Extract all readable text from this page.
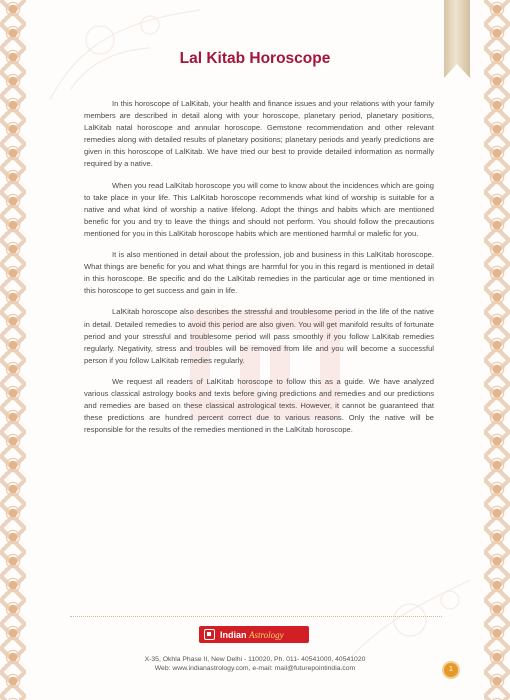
Lal Kitab Horoscope

In this horoscope of LalKitab, your health and finance issues and your relations with your family members are described in detail along with your horoscope, planetary period, planetary positions, LalKitab natal horoscope and annular horoscope. Gemstone recommendation and other relevant remedies along with detailed results of planetary positions; planetary periods and yearly predictions are given in this horoscope of LalKitab. We have tried our best to provide detailed information as normally required by a native.

When you read LalKitab horoscope you will come to know about the incidences which are going to take place in your life. This LalKitab horoscope recommends what kind of worship is suitable for a native and what kind of worship a native lifelong. Adopt the things and habits which are mentioned benefic for you and try to leave the things and should not perform. You should follow the precautions mentioned for you in this LalKitab horoscope habits which are mentioned harmful or malefic for you.

It is also mentioned in detail about the profession, job and business in this LalKitab horoscope. What things are benefic for you and what things are harmful for you in this regard is mentioned in detail in this horoscope. Be specific and do the LalKitab remedies in the particular age or time mentioned in this horoscope to get success and gain in life.

LalKitab horoscope also describes the stressful and troublesome period in the life of the native in detail. Detailed remedies to avoid this period are also given. You will get manifold results of fortunate period and your stressful and troublesome period will pass smoothly if you follow LalKitab remedies regularly. Negativity, stress and troubles will be removed from life and you will become a successful person if you follow LalKitab remedies regularly.

We request all readers of LalKitab horoscope to follow this as a guide. We have analyzed various classical astrology books and texts before giving predictions and remedies and our predictions and remedies are based on these classical astrological texts. However, it cannot be guaranteed that these predictions are hundred percent correct due to various reasons. Only the native will be responsible for the results of the remedies mentioned in the LalKitab horoscope.

Indian Astrology
X-35, Okhla Phase II, New Delhi - 110020, Ph. 011- 40541000, 40541020
Web: www.indianastrology.com, e-mail: mail@futurepointindia.com	1
